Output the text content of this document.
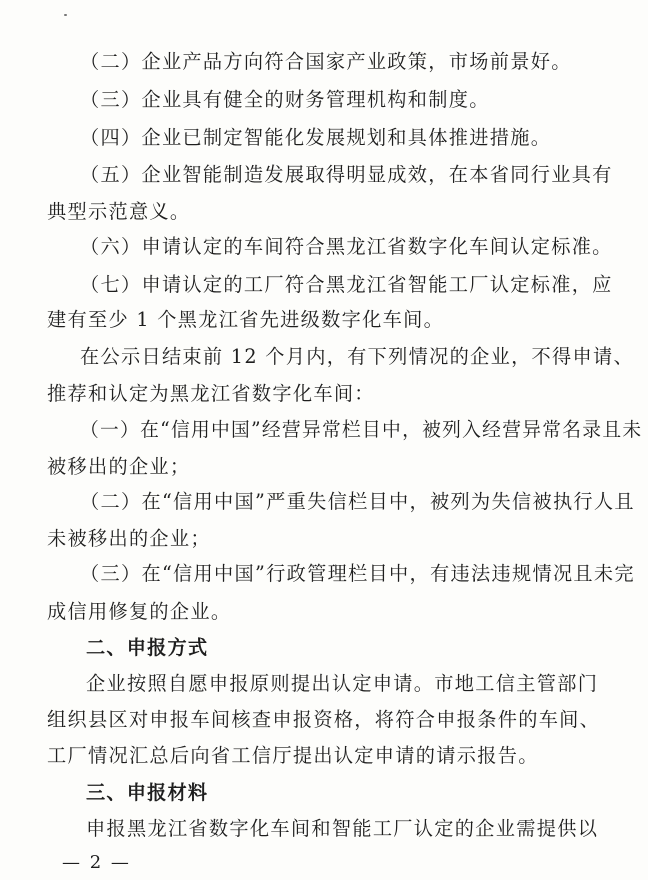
（二）企业产品方向符合国家产业政策，市场前景好。
（三）企业具有健全的财务管理机构和制度。
（四）企业已制定智能化发展规划和具体推进措施。
（五）企业智能制造发展取得明显成效，在本省同行业具有
典型示范意义。
（六）申请认定的车间符合黑龙江省数字化车间认定标准。
（七）申请认定的工厂符合黑龙江省智能工厂认定标准，应
建有至少 1 个黑龙江省先进级数字化车间。
在公示日结束前 12 个月内，有下列情况的企业，不得申请、
推荐和认定为黑龙江省数字化车间：
（一）在“信用中国”经营异常栏目中，被列入经营异常名录且未
被移出的企业；
（二）在“信用中国”严重失信栏目中，被列为失信被执行人且
未被移出的企业；
（三）在“信用中国”行政管理栏目中，有违法违规情况且未完
成信用修复的企业。
二、申报方式
企业按照自愿申报原则提出认定申请。市地工信主管部门
组织县区对申报车间核查申报资格，将符合申报条件的车间、
工厂情况汇总后向省工信厅提出认定申请的请示报告。
三、申报材料
申报黑龙江省数字化车间和智能工厂认定的企业需提供以
— 2 —
